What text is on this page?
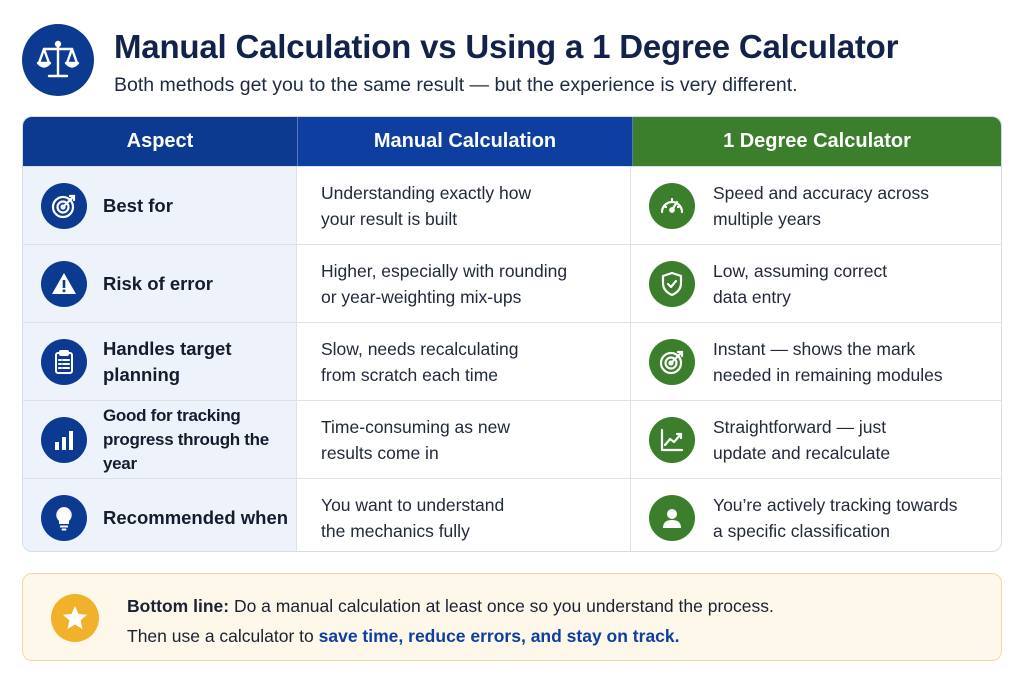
Manual Calculation vs Using a 1 Degree Calculator

Both methods get you to the same result — but the experience is very different.

Aspect	Manual Calculation	1 Degree Calculator
Best for
Understanding exactly how
your result is built
Speed and accuracy across
multiple years
Risk of error
Higher, especially with rounding
or year-weighting mix-ups
Low, assuming correct
data entry
Handles target
planning
Slow, needs recalculating
from scratch each time
Instant — shows the mark
needed in remaining modules
Good for tracking
progress through the year
Time-consuming as new
results come in
Straightforward — just
update and recalculate
Recommended when
You want to understand
the mechanics fully
You’re actively tracking towards
a specific classification
Bottom line: Do a manual calculation at least once so you understand the process.
Then use a calculator to save time, reduce errors, and stay on track.
